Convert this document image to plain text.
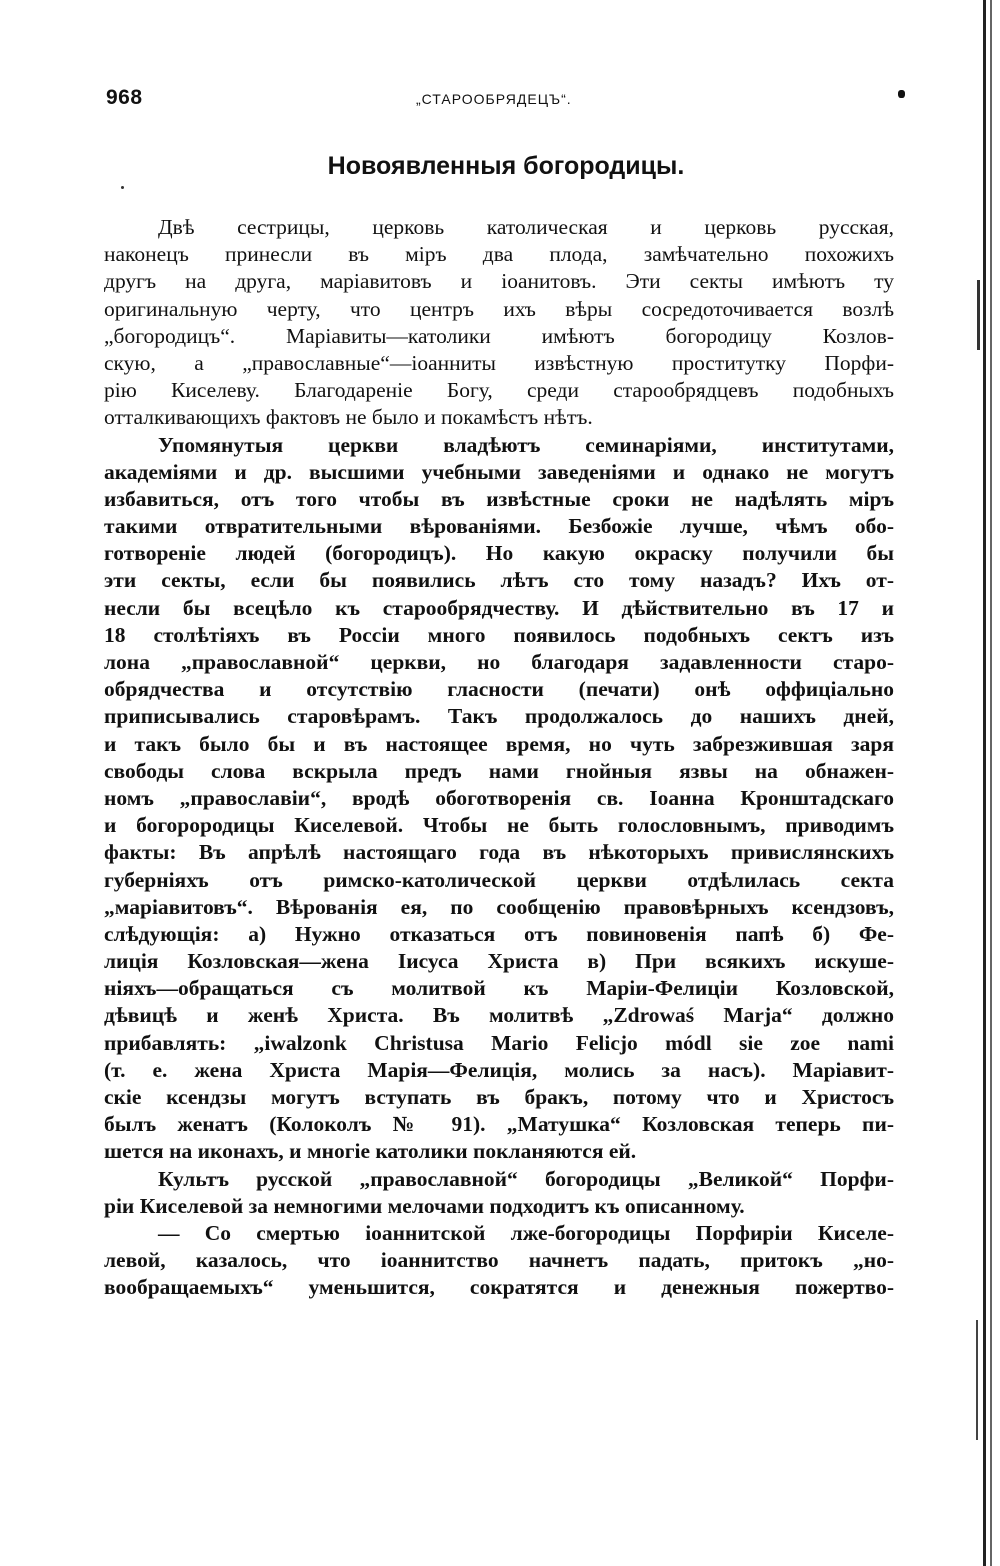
968	„СТАРООБРЯДЕЦЪ“.
Новоявленныя богородицы.
Двѣ сестрицы, церковь католическая и церковь русская,
наконецъ принесли въ міръ два плода, замѣчательно похожихъ
другъ на друга, маріавитовъ и іоанитовъ. Эти секты имѣютъ ту
оригинальную черту, что центръ ихъ вѣры сосредоточивается возлѣ
„богородицъ“. Маріавиты—католики имѣютъ богородицу Козлов-
скую, а „православные“—іоанниты извѣстную проститутку Порфи-
рію Киселеву. Благодареніе Богу, среди старообрядцевъ подобныхъ
отталкивающихъ фактовъ не было и покамѣстъ нѣтъ.
Упомянутыя церкви владѣютъ семинаріями, институтами,
академіями и др. высшими учебными заведеніями и однако не могутъ
избавиться, отъ того чтобы въ извѣстные сроки не надѣлять міръ
такими отвратительными вѣрованіями. Безбожіе лучше, чѣмъ обо-
готвореніе людей (богородицъ). Но какую окраску получили бы
эти секты, если бы появились лѣтъ сто тому назадъ? Ихъ от-
несли бы всецѣло къ старообрядчеству. И дѣйствительно въ 17 и
18 столѣтіяхъ въ Россіи много появилось подобныхъ сектъ изъ
лона „православной“ церкви, но благодаря задавленности старо-
обрядчества и отсутствію гласности (печати) онѣ оффиціально
приписывались старовѣрамъ. Такъ продолжалось до нашихъ дней,
и такъ было бы и въ настоящее время, но чуть забрезжившая заря
свободы слова вскрыла предъ нами гнойныя язвы на обнажен-
номъ „православіи“, вродѣ обоготворенія св. Іоанна Кронштадскаго
и богорородицы Киселевой. Чтобы не быть голословнымъ, приводимъ
факты: Въ апрѣлѣ настоящаго года въ нѣкоторыхъ привислянскихъ
губерніяхъ отъ римско-католической церкви отдѣлилась секта
„маріавитовъ“. Вѣрованія ея, по сообщенію правовѣрныхъ ксендзовъ,
слѣдующія: а) Нужно отказаться отъ повиновенія папѣ б) Фе-
лиція Козловская—жена Іисуса Христа в) При всякихъ искуше-
ніяхъ—обращаться съ молитвой къ Маріи-Фелиціи Козловской,
дѣвицѣ и женѣ Христа. Въ молитвѣ „Zdrowaś Marja“ должно
прибавлять: „iwalzonk Christusa Mario Felicjo módl sie zoe nami
(т. е. жена Христа Марія—Фелиція, молись за насъ). Маріавит-
скіе ксендзы могутъ вступать въ бракъ, потому что и Христосъ
былъ женатъ (Колоколъ № 91). „Матушка“ Козловская теперь пи-
шется на иконахъ, и многіе католики покланяются ей.
Культъ русской „православной“ богородицы „Великой“ Порфи-
ріи Киселевой за немногими мелочами подходитъ къ описанному.
— Со смертью іоаннитской лже-богородицы Порфиріи Киселе-
левой, казалось, что іоаннитство начнетъ падать, притокъ „но-
вообращаемыхъ“ уменьшится, сократятся и денежныя пожертво-
